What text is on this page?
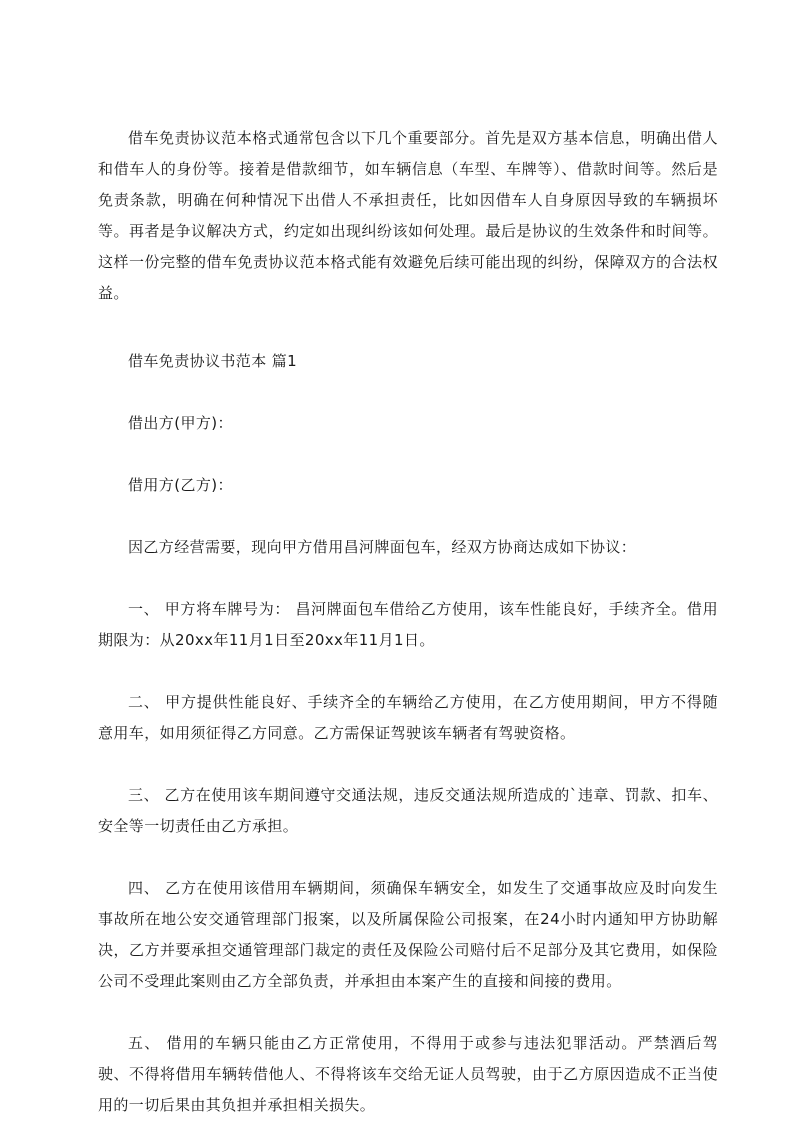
借车免责协议范本格式通常包含以下几个重要部分。首先是双方基本信息，明确出借人和借车人的身份等。接着是借款细节，如车辆信息（车型、车牌等）、借款时间等。然后是免责条款，明确在何种情况下出借人不承担责任，比如因借车人自身原因导致的车辆损坏等。再者是争议解决方式，约定如出现纠纷该如何处理。最后是协议的生效条件和时间等。这样一份完整的借车免责协议范本格式能有效避免后续可能出现的纠纷，保障双方的合法权益。

借车免责协议书范本 篇1

借出方(甲方)：

借用方(乙方)：

因乙方经营需要，现向甲方借用昌河牌面包车，经双方协商达成如下协议：

一、 甲方将车牌号为： 昌河牌面包车借给乙方使用，该车性能良好，手续齐全。借用期限为：从20xx年11月1日至20xx年11月1日。

二、 甲方提供性能良好、手续齐全的车辆给乙方使用，在乙方使用期间，甲方不得随意用车，如用须征得乙方同意。乙方需保证驾驶该车辆者有驾驶资格。

三、 乙方在使用该车期间遵守交通法规，违反交通法规所造成的`违章、罚款、扣车、安全等一切责任由乙方承担。

四、 乙方在使用该借用车辆期间，须确保车辆安全，如发生了交通事故应及时向发生事故所在地公安交通管理部门报案，以及所属保险公司报案，在24小时内通知甲方协助解决，乙方并要承担交通管理部门裁定的责任及保险公司赔付后不足部分及其它费用，如保险公司不受理此案则由乙方全部负责，并承担由本案产生的直接和间接的费用。

五、 借用的车辆只能由乙方正常使用，不得用于或参与违法犯罪活动。严禁酒后驾驶、不得将借用车辆转借他人、不得将该车交给无证人员驾驶，由于乙方原因造成不正当使用的一切后果由其负担并承担相关损失。
